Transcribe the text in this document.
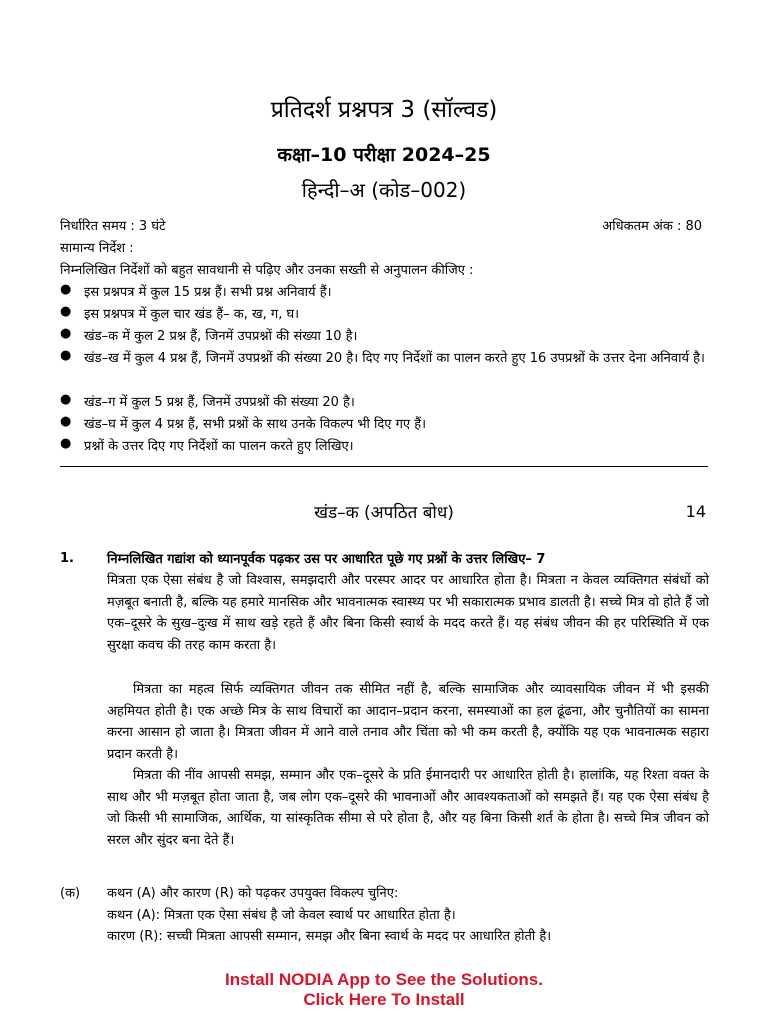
प्रतिदर्श प्रश्नपत्र 3 (सॉल्वड)
कक्षा–10 परीक्षा 2024–25
हिन्दी–अ (कोड–002)
निर्धारित समय : 3 घंटे	अधिकतम अंक : 80
सामान्य निर्देश :
निम्नलिखित निर्देशों को बहुत सावधानी से पढ़िए और उनका सख्ती से अनुपालन कीजिए :
● इस प्रश्नपत्र में कुल 15 प्रश्न हैं। सभी प्रश्न अनिवार्य हैं।
● इस प्रश्नपत्र में कुल चार खंड हैं– क, ख, ग, घ।
● खंड–क में कुल 2 प्रश्न हैं, जिनमें उपप्रश्नों की संख्या 10 है।
● खंड–ख में कुल 4 प्रश्न हैं, जिनमें उपप्रश्नों की संख्या 20 है। दिए गए निर्देशों का पालन करते हुए 16 उपप्रश्नों के उत्तर देना अनिवार्य है।
● खंड–ग में कुल 5 प्रश्न हैं, जिनमें उपप्रश्नों की संख्या 20 है।
● खंड–घ में कुल 4 प्रश्न हैं, सभी प्रश्नों के साथ उनके विकल्प भी दिए गए हैं।
● प्रश्नों के उत्तर दिए गए निर्देशों का पालन करते हुए लिखिए।
खंड–क (अपठित बोध)	14
1.	निम्नलिखित गद्यांश को ध्यानपूर्वक पढ़कर उस पर आधारित पूछे गए प्रश्नों के उत्तर लिखिए– 7
मित्रता एक ऐसा संबंध है जो विश्वास, समझदारी और परस्पर आदर पर आधारित होता है। मित्रता न केवल व्यक्तिगत संबंधों को मज़बूत बनाती है, बल्कि यह हमारे मानसिक और भावनात्मक स्वास्थ्य पर भी सकारात्मक प्रभाव डालती है। सच्चे मित्र वो होते हैं जो एक–दूसरे के सुख–दुःख में साथ खड़े रहते हैं और बिना किसी स्वार्थ के मदद करते हैं। यह संबंध जीवन की हर परिस्थिति में एक सुरक्षा कवच की तरह काम करता है।
मित्रता का महत्व सिर्फ व्यक्तिगत जीवन तक सीमित नहीं है, बल्कि सामाजिक और व्यावसायिक जीवन में भी इसकी अहमियत होती है। एक अच्छे मित्र के साथ विचारों का आदान–प्रदान करना, समस्याओं का हल ढूंढना, और चुनौतियों का सामना करना आसान हो जाता है। मित्रता जीवन में आने वाले तनाव और चिंता को भी कम करती है, क्योंकि यह एक भावनात्मक सहारा प्रदान करती है।
मित्रता की नींव आपसी समझ, सम्मान और एक–दूसरे के प्रति ईमानदारी पर आधारित होती है। हालांकि, यह रिश्ता वक्त के साथ और भी मज़बूत होता जाता है, जब लोग एक–दूसरे की भावनाओं और आवश्यकताओं को समझते हैं। यह एक ऐसा संबंध है जो किसी भी सामाजिक, आर्थिक, या सांस्कृतिक सीमा से परे होता है, और यह बिना किसी शर्त के होता है। सच्चे मित्र जीवन को सरल और सुंदर बना देते हैं।
(क) कथन (A) और कारण (R) को पढ़कर उपयुक्त विकल्प चुनिए:
कथन (A): मित्रता एक ऐसा संबंध है जो केवल स्वार्थ पर आधारित होता है।
कारण (R): सच्ची मित्रता आपसी सम्मान, समझ और बिना स्वार्थ के मदद पर आधारित होती है।
Install NODIA App to See the Solutions.
Click Here To Install
